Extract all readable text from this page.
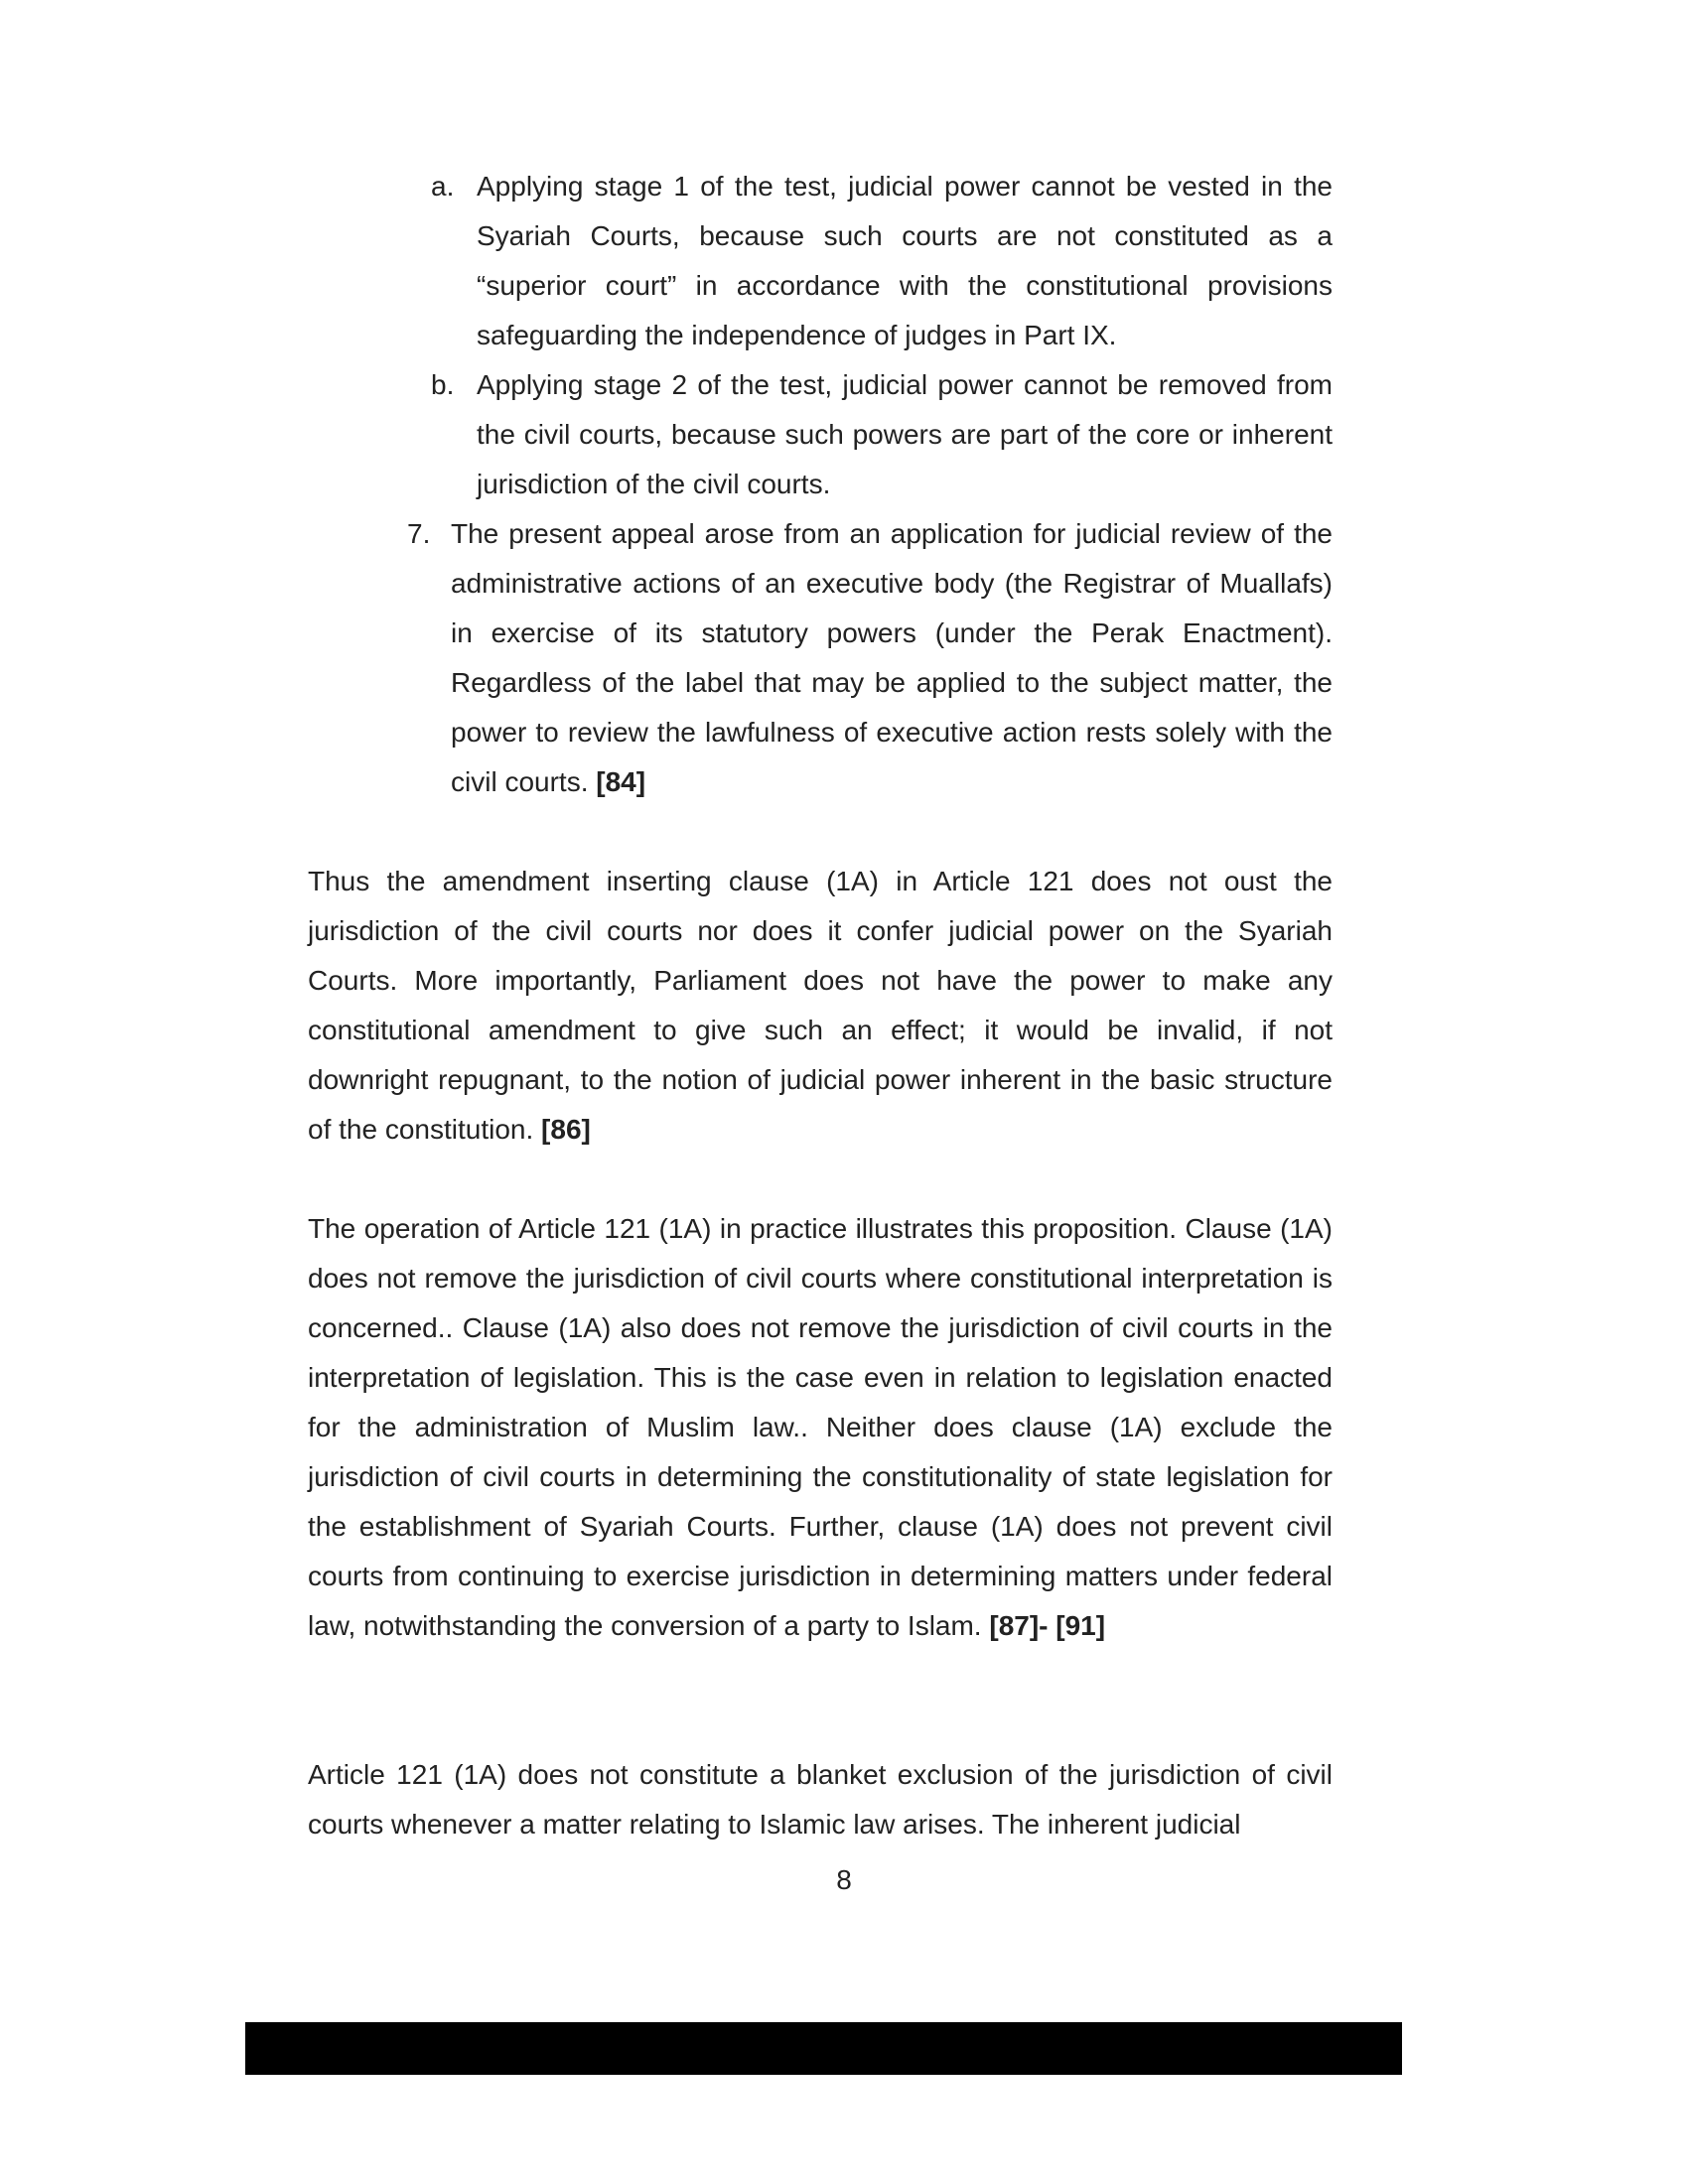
a. Applying stage 1 of the test, judicial power cannot be vested in the Syariah Courts, because such courts are not constituted as a “superior court” in accordance with the constitutional provisions safeguarding the independence of judges in Part IX.
b. Applying stage 2 of the test, judicial power cannot be removed from the civil courts, because such powers are part of the core or inherent jurisdiction of the civil courts.
7. The present appeal arose from an application for judicial review of the administrative actions of an executive body (the Registrar of Muallafs) in exercise of its statutory powers (under the Perak Enactment). Regardless of the label that may be applied to the subject matter, the power to review the lawfulness of executive action rests solely with the civil courts. [84]
Thus the amendment inserting clause (1A) in Article 121 does not oust the jurisdiction of the civil courts nor does it confer judicial power on the Syariah Courts. More importantly, Parliament does not have the power to make any constitutional amendment to give such an effect; it would be invalid, if not downright repugnant, to the notion of judicial power inherent in the basic structure of the constitution. [86]
The operation of Article 121 (1A) in practice illustrates this proposition. Clause (1A) does not remove the jurisdiction of civil courts where constitutional interpretation is concerned.. Clause (1A) also does not remove the jurisdiction of civil courts in the interpretation of legislation. This is the case even in relation to legislation enacted for the administration of Muslim law.. Neither does clause (1A) exclude the jurisdiction of civil courts in determining the constitutionality of state legislation for the establishment of Syariah Courts. Further, clause (1A) does not prevent civil courts from continuing to exercise jurisdiction in determining matters under federal law, notwithstanding the conversion of a party to Islam. [87]- [91]
Article 121 (1A) does not constitute a blanket exclusion of the jurisdiction of civil courts whenever a matter relating to Islamic law arises. The inherent judicial
8
